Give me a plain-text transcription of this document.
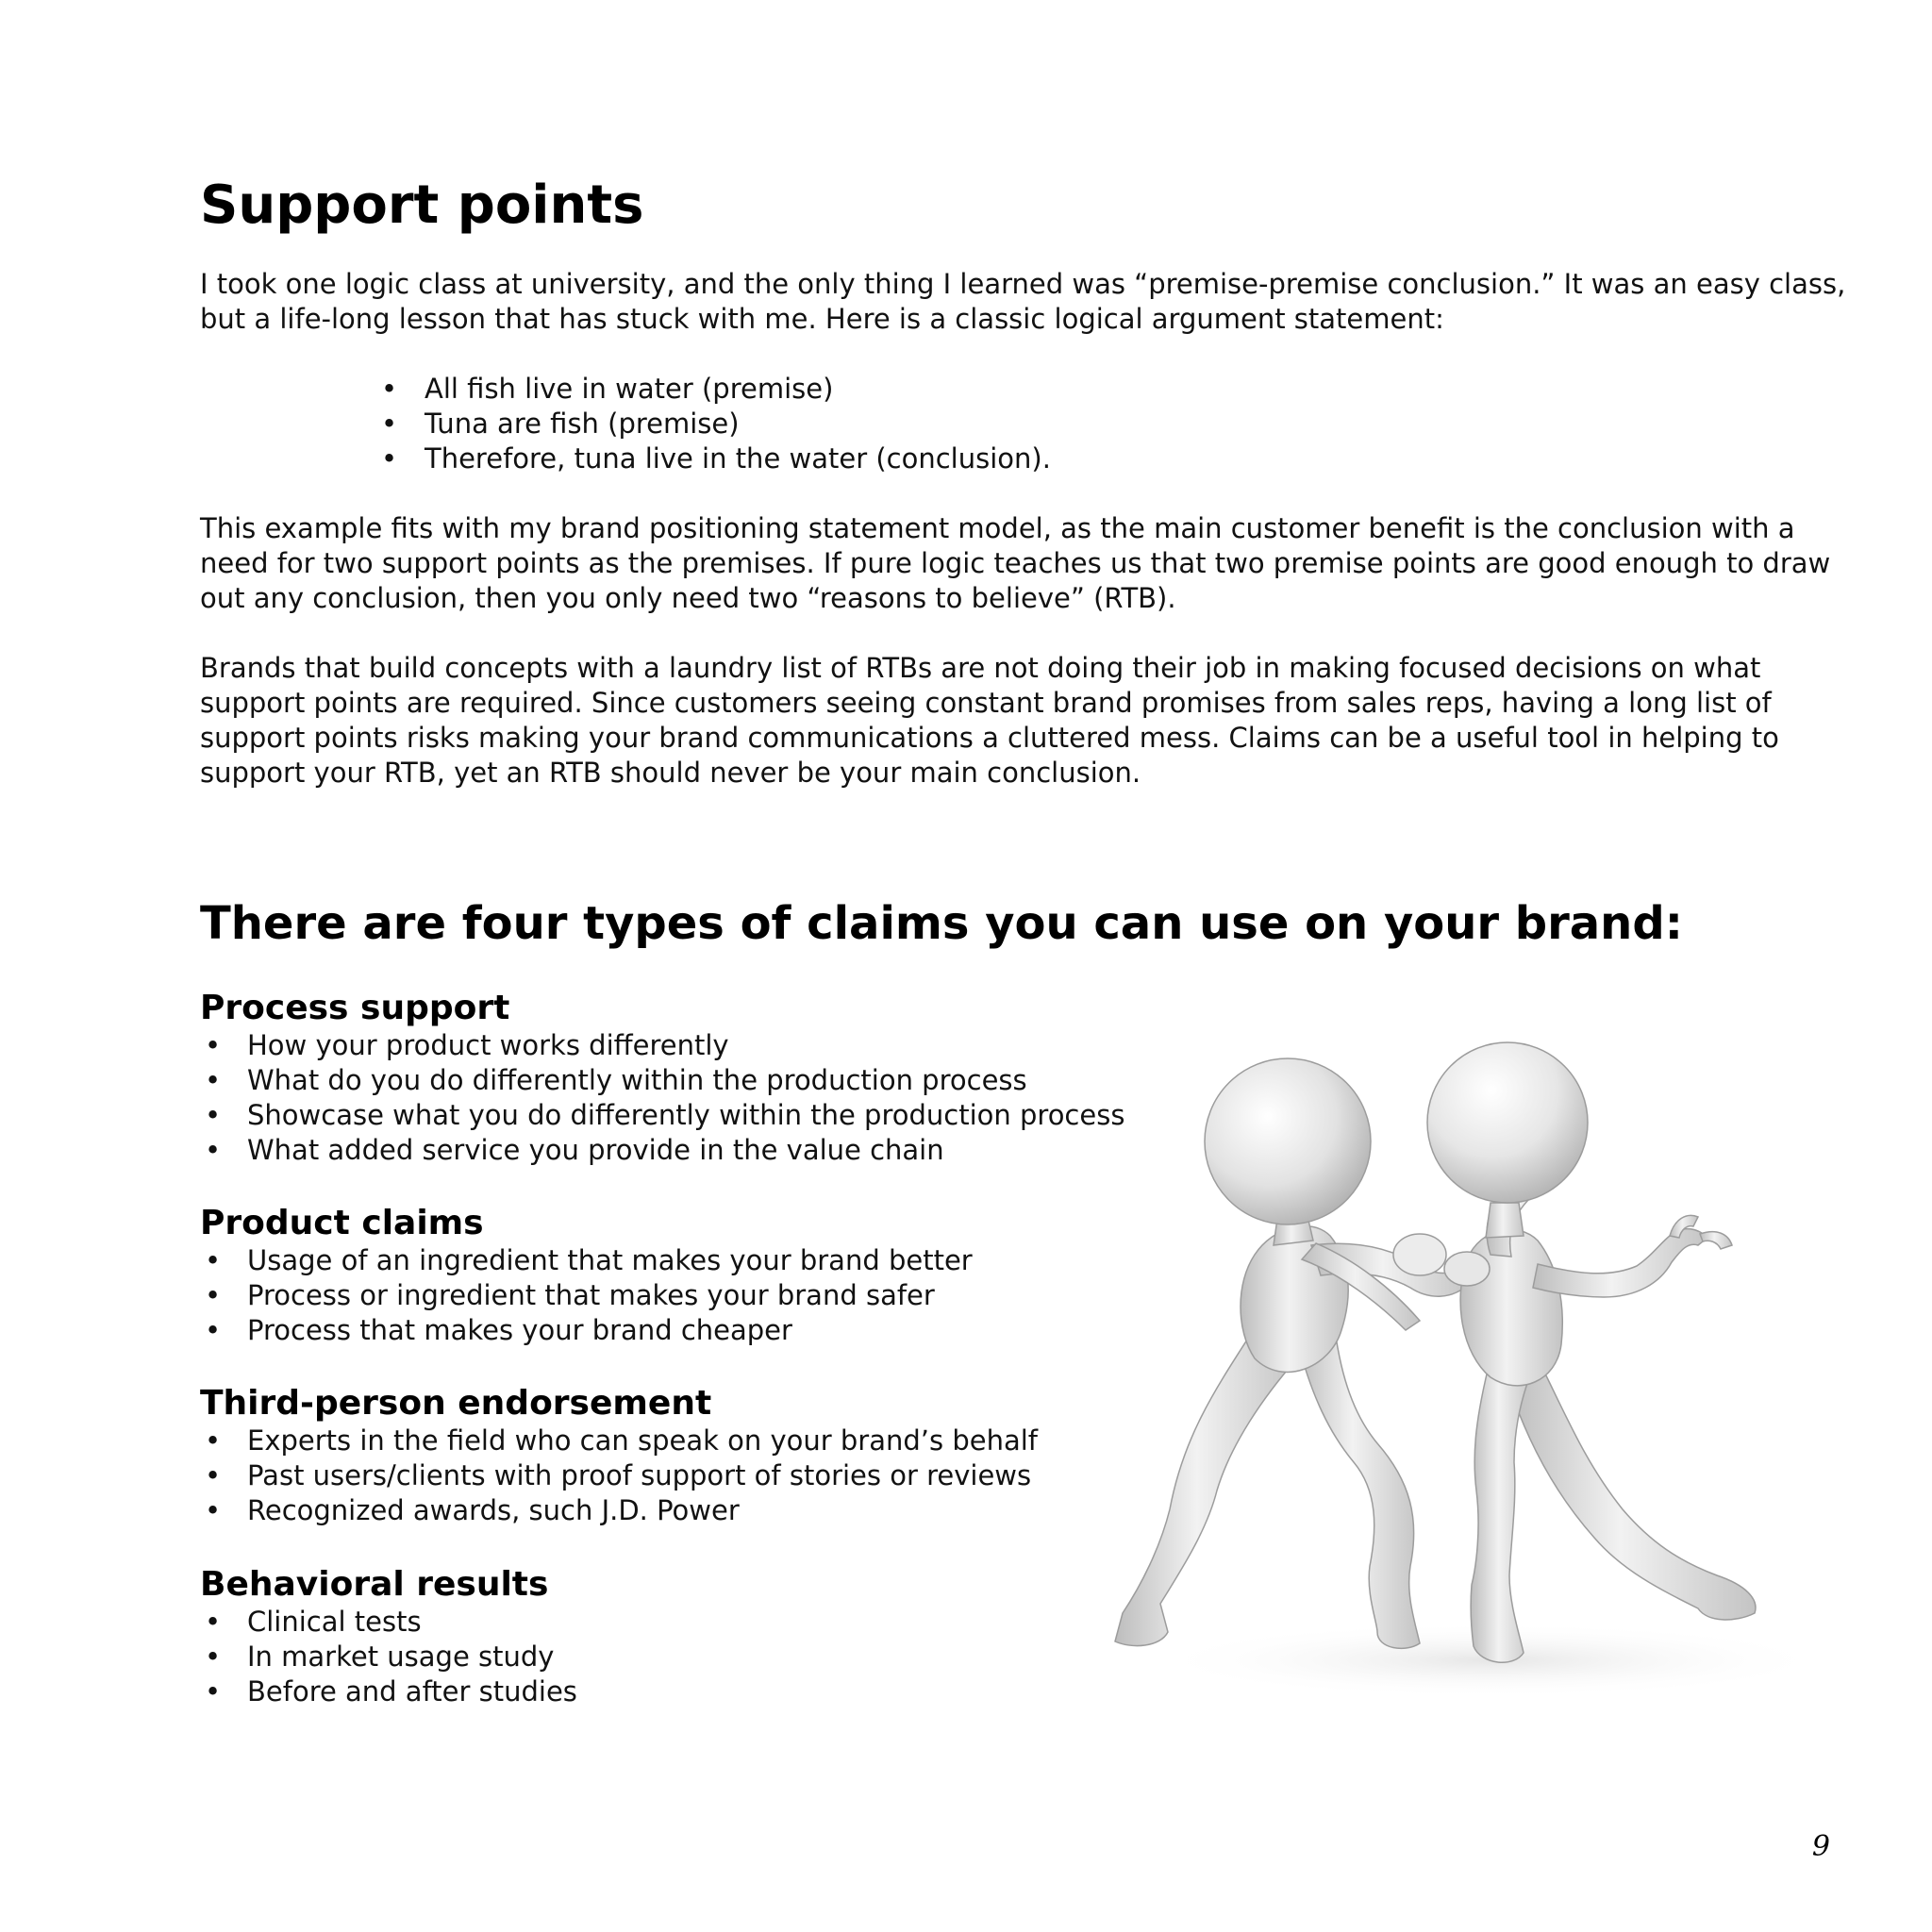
Support points

I took one logic class at university, and the only thing I learned was “premise-premise conclusion.” It was an easy class, but a life-long lesson that has stuck with me. Here is a classic logical argument statement:

• All fish live in water (premise)
• Tuna are fish (premise)
• Therefore, tuna live in the water (conclusion).

This example fits with my brand positioning statement model, as the main customer benefit is the conclusion with a need for two support points as the premises. If pure logic teaches us that two premise points are good enough to draw out any conclusion, then you only need two “reasons to believe” (RTB).

Brands that build concepts with a laundry list of RTBs are not doing their job in making focused decisions on what support points are required. Since customers seeing constant brand promises from sales reps, having a long list of support points risks making your brand communications a cluttered mess. Claims can be a useful tool in helping to support your RTB, yet an RTB should never be your main conclusion.

There are four types of claims you can use on your brand:
Process support
• How your product works differently
• What do you do differently within the production process
• Showcase what you do differently within the production process
• What added service you provide in the value chain
Product claims
• Usage of an ingredient that makes your brand better
• Process or ingredient that makes your brand safer
• Process that makes your brand cheaper
Third-person endorsement
• Experts in the field who can speak on your brand’s behalf
• Past users/clients with proof support of stories or reviews
• Recognized awards, such J.D. Power
Behavioral results
• Clinical tests
• In market usage study
• Before and after studies
9
